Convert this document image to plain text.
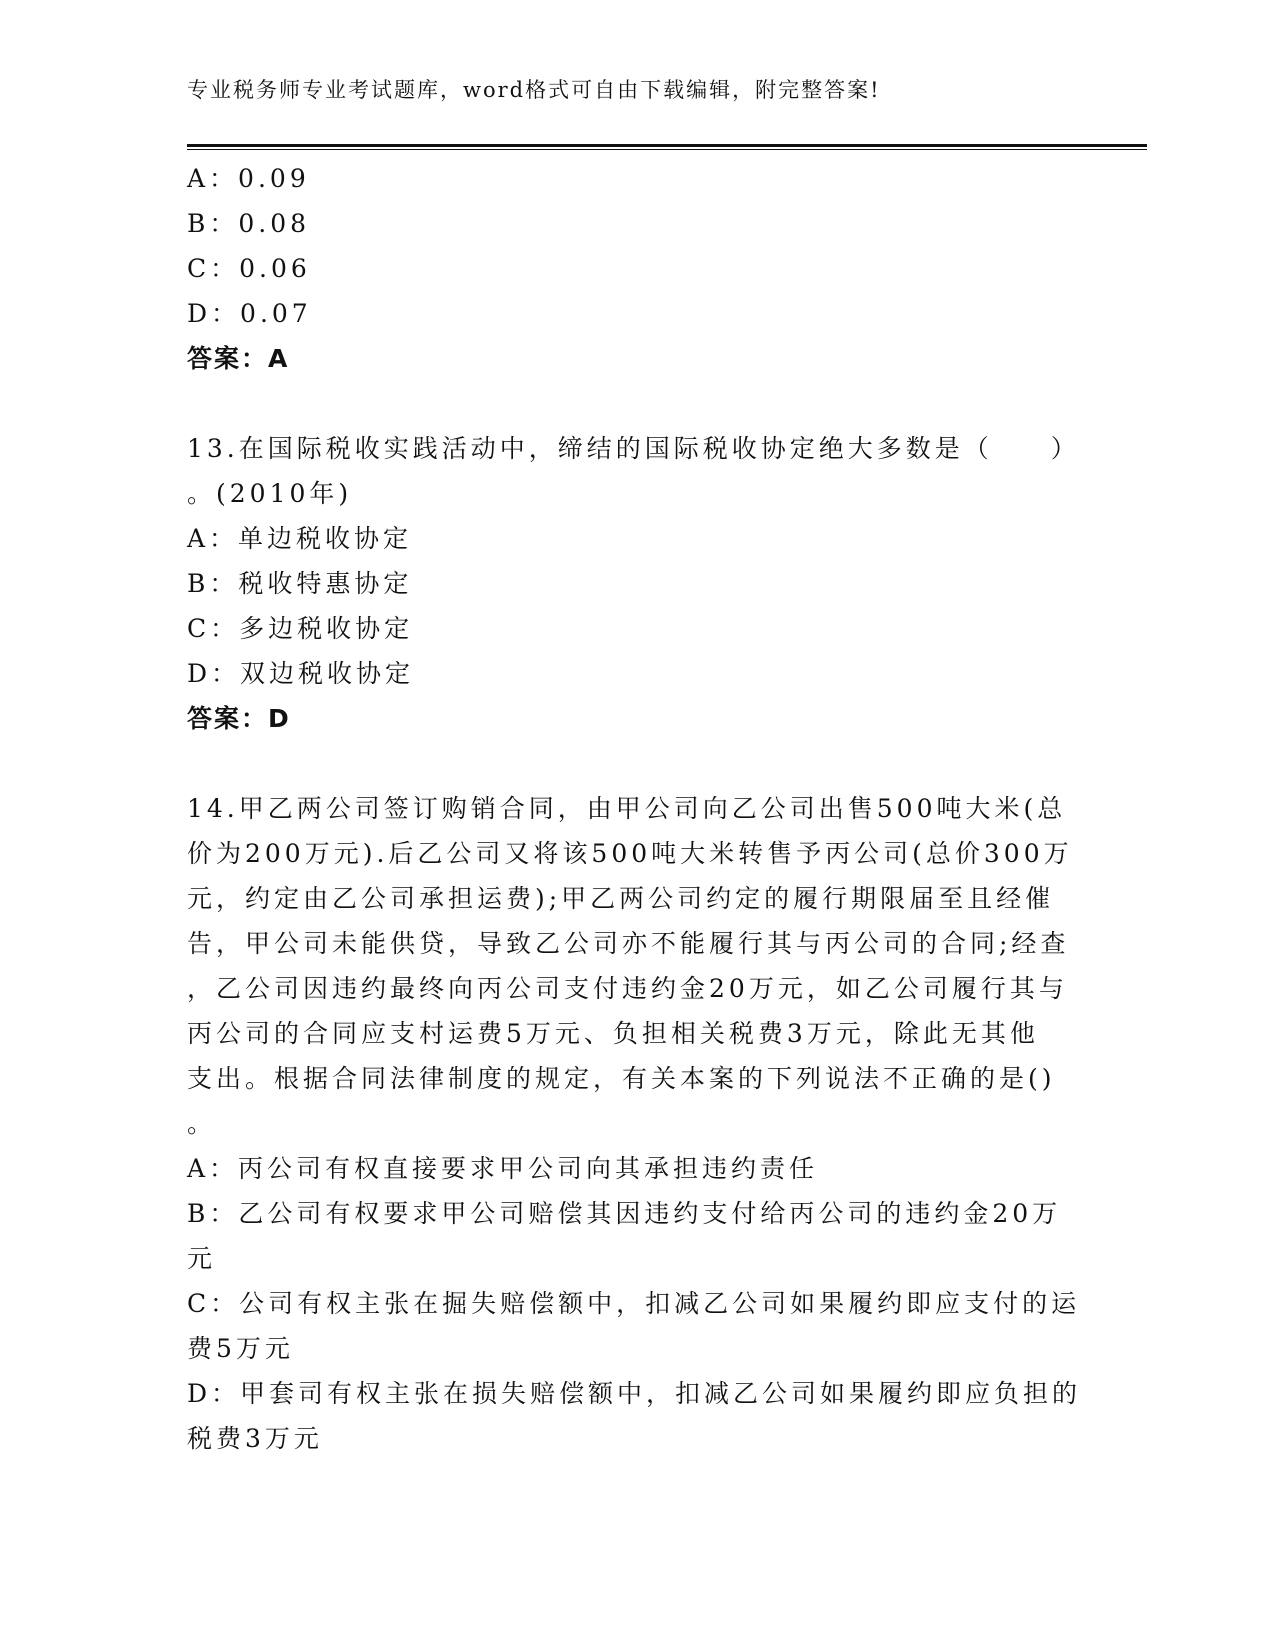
专业税务师专业考试题库，word格式可自由下载编辑，附完整答案!
A：0.09
B：0.08
C：0.06
D：0.07
答案：A
13.在国际税收实践活动中，缔结的国际税收协定绝大多数是（　　）
。(2010年)
A：单边税收协定
B：税收特惠协定
C：多边税收协定
D：双边税收协定
答案：D
14.甲乙两公司签订购销合同，由甲公司向乙公司出售500吨大米(总
价为200万元).后乙公司又将该500吨大米转售予丙公司(总价300万
元，约定由乙公司承担运费);甲乙两公司约定的履行期限届至且经催
告，甲公司未能供贷，导致乙公司亦不能履行其与丙公司的合同;经查
，乙公司因违约最终向丙公司支付违约金20万元，如乙公司履行其与
丙公司的合同应支村运费5万元、负担相关税费3万元，除此无其他
支出。根据合同法律制度的规定，有关本案的下列说法不正确的是()
。
A：丙公司有权直接要求甲公司向其承担违约责任
B：乙公司有权要求甲公司赔偿其因违约支付给丙公司的违约金20万
元
C：公司有权主张在掘失赔偿额中，扣减乙公司如果履约即应支付的运
费5万元
D：甲套司有权主张在损失赔偿额中，扣减乙公司如果履约即应负担的
税费3万元
